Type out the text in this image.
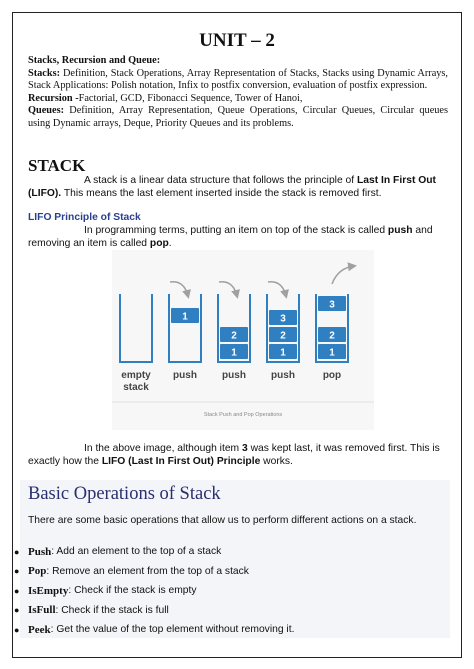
UNIT – 2
Stacks, Recursion and Queue:
Stacks: Definition, Stack Operations, Array Representation of Stacks, Stacks using Dynamic Arrays, Stack Applications: Polish notation, Infix to postfix conversion, evaluation of postfix expression.
Recursion -Factorial, GCD, Fibonacci Sequence, Tower of Hanoi,
Queues: Definition, Array Representation, Queue Operations, Circular Queues, Circular queues using Dynamic arrays, Deque, Priority Queues and its problems.
STACK
A stack is a linear data structure that follows the principle of Last In First Out (LIFO). This means the last element inserted inside the stack is removed first.
LIFO Principle of Stack
In programming terms, putting an item on top of the stack is called push and removing an item is called pop.
1
1
2
1
2
3
1
2
3
empty
stack
push	push	push	pop
Stack Push and Pop Operations
In the above image, although item 3 was kept last, it was removed first. This is exactly how the LIFO (Last In First Out) Principle works.
Basic Operations of Stack
There are some basic operations that allow us to perform different actions on a stack.
● Push : Add an element to the top of a stack
● Pop : Remove an element from the top of a stack
● IsEmpty : Check if the stack is empty
● IsFull : Check if the stack is full
● Peek : Get the value of the top element without removing it.
